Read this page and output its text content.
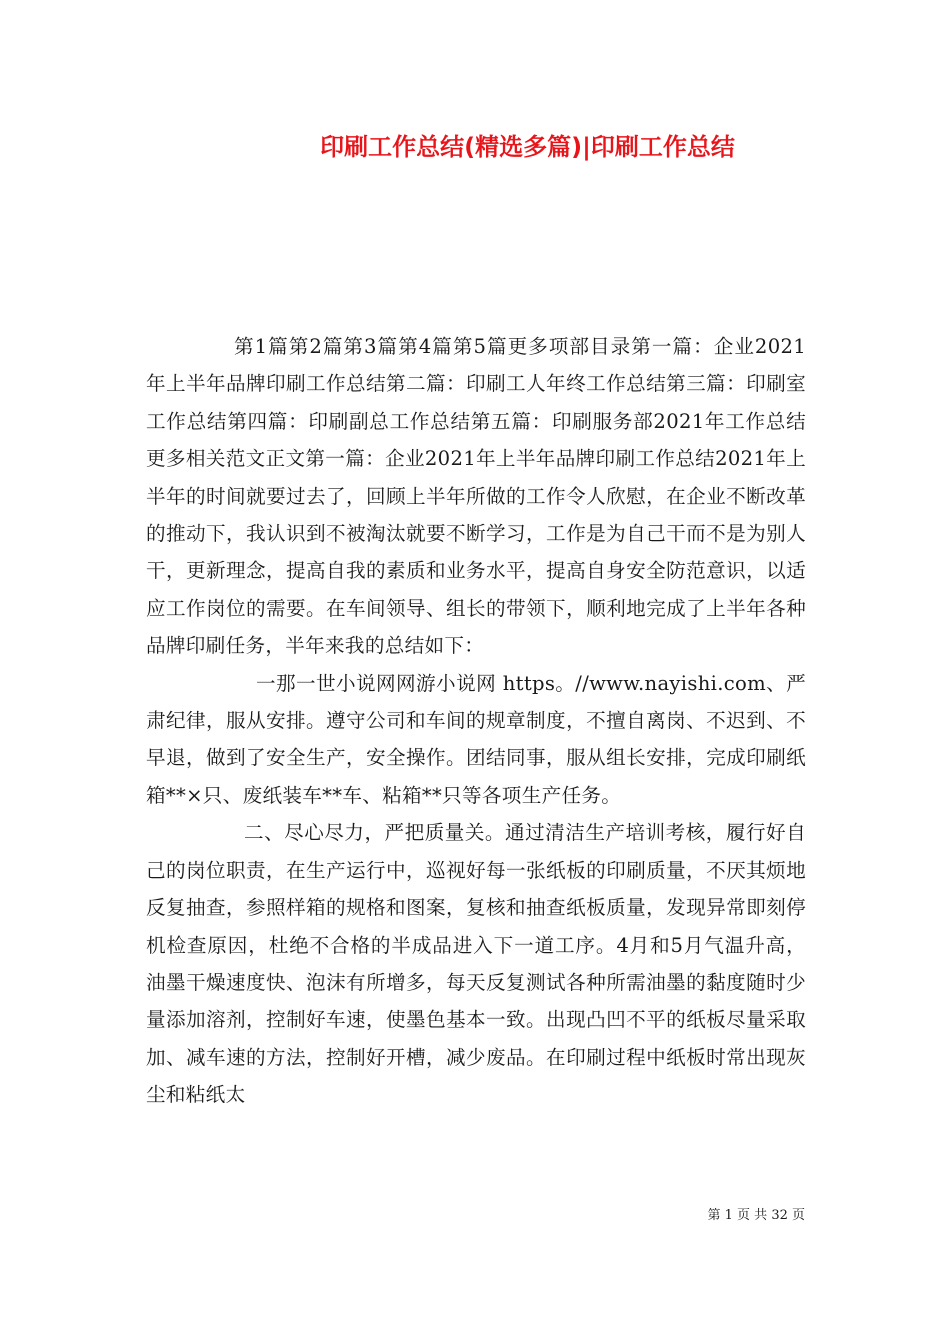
印刷工作总结(精选多篇)|印刷工作总结

第1篇第2篇第3篇第4篇第5篇更多项部目录第一篇：企业2021年上半年品牌印刷工作总结第二篇：印刷工人年终工作总结第三篇：印刷室工作总结第四篇：印刷副总工作总结第五篇：印刷服务部2021年工作总结更多相关范文正文第一篇：企业2021年上半年品牌印刷工作总结2021年上半年的时间就要过去了，回顾上半年所做的工作令人欣慰，在企业不断改革的推动下，我认识到不被淘汰就要不断学习，工作是为自己干而不是为别人干，更新理念，提高自我的素质和业务水平，提高自身安全防范意识，以适应工作岗位的需要。在车间领导、组长的带领下，顺利地完成了上半年各种品牌印刷任务，半年来我的总结如下：

一那一世小说网网游小说网 https。//www.nayishi.com、严肃纪律，服从安排。遵守公司和车间的规章制度，不擅自离岗、不迟到、不早退，做到了安全生产，安全操作。团结同事，服从组长安排，完成印刷纸箱**×只、废纸装车**车、粘箱**只等各项生产任务。

二、尽心尽力，严把质量关。通过清洁生产培训考核，履行好自己的岗位职责，在生产运行中，巡视好每一张纸板的印刷质量，不厌其烦地反复抽查，参照样箱的规格和图案，复核和抽查纸板质量，发现异常即刻停机检查原因，杜绝不合格的半成品进入下一道工序。4月和5月气温升高，油墨干燥速度快、泡沫有所增多，每天反复测试各种所需油墨的黏度随时少量添加溶剂，控制好车速，使墨色基本一致。出现凸凹不平的纸板尽量采取加、减车速的方法，控制好开槽，减少废品。在印刷过程中纸板时常出现灰尘和粘纸太

第 1 页 共 32 页
